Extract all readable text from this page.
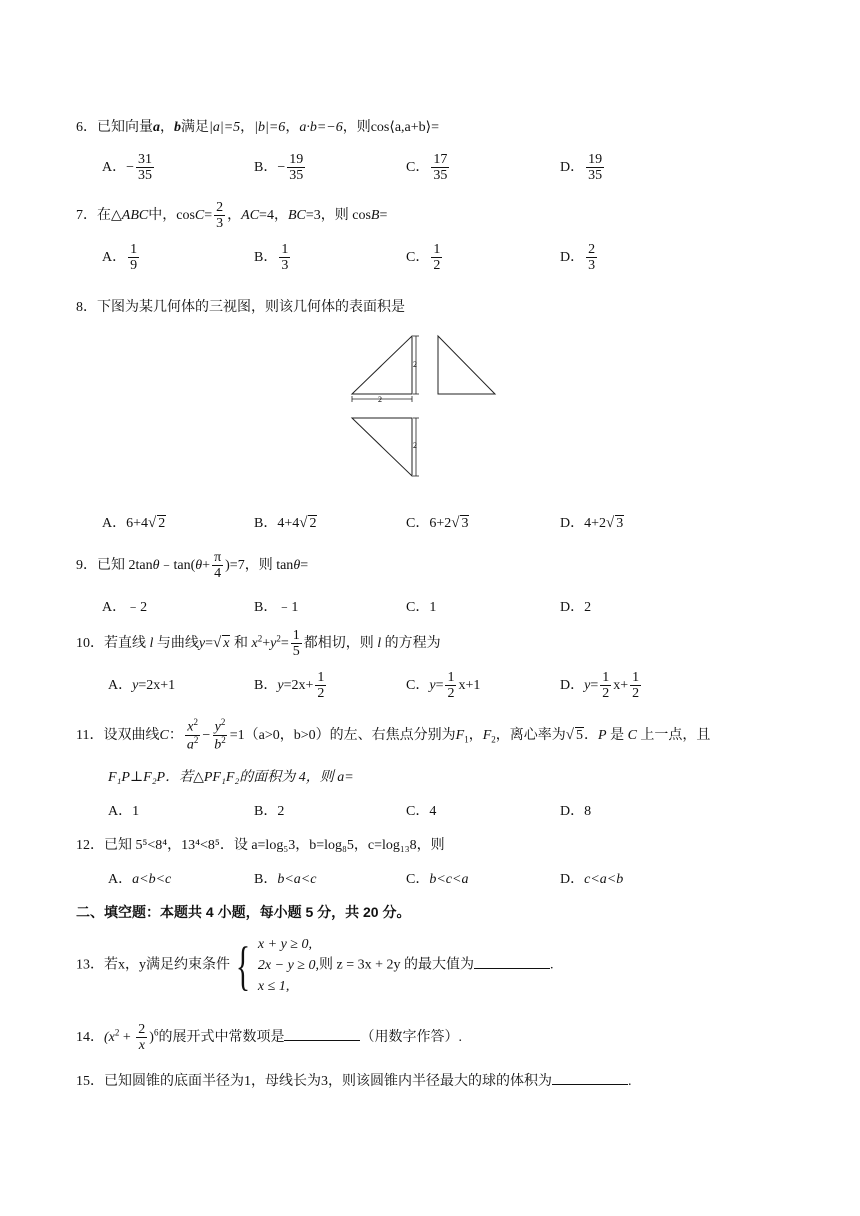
6．已知向量a，b满足|a|=5，|b|=6，a·b=−6，则cos⟨a,a+b⟩=
A．− $\frac{31}{35}$	B．− $\frac{19}{35}$	C． $\frac{17}{35}$	D． $\frac{19}{35}$
7．在△ABC中，$\cos C= \frac{2}{3}$ ，AC=4，BC=3，则 cosB=
A． $\frac{1}{9}$	B． $\frac{1}{3}$	C． $\frac{1}{2}$	D． $\frac{2}{3}$
8．下图为某几何体的三视图，则该几何体的表面积是
2
2
2
A．6+4√ 2	B．4+4√ 2	C．6+2√ 3	D．4+2√ 3
9．已知 2tanθ﹣tan(θ+ $\frac{\pi}{4} )=7$，则 tanθ=
A．﹣2	B．﹣1	C．1	D．2
10．若直线 l 与曲线y=√ x 和 $x^2+y^2= \frac{1}{5}$ 都相切，则 l 的方程为
A．y=2x+1	B．$y=2x+ \frac{1}{2}$	C．$y= \frac{1}{2} x+1$	D．$y= \frac{1}{2} x+ \frac{1}{2}$
11．设双曲线C： $\frac{x^2}{a^2} - \frac{y^2}{b^2} =1(a>0$，b>0）的左、右焦点分别为$F_1$，$F_2$，离心率为√ 5．P 是 C 上一点，且
F₁P⊥F₂P．若△PF₁F₂的面积为 4，则 a=
A．1	B．2	C．4	D．8
12．已知 5⁵<8⁴，13⁴<8⁵．设 a=log₅3，b=log₈5，c=log₁₃8，则
A．a<b<c	B．b<a<c	C．b<c<a	D．c<a<b
二、填空题：本题共 4 小题，每小题 5 分，共 20 分。
13．若x，y满足约束条件 { x + y ≥ 0,
2x − y ≥ 0,
x ≤ 1,
则 z = 3x + 2y 的最大值为	.
14．$(x^2 + \frac{2}{x} )^6$的展开式中常数项是	（用数字作答）.
15．已知圆锥的底面半径为1，母线长为3，则该圆锥内半径最大的球的体积为	.
